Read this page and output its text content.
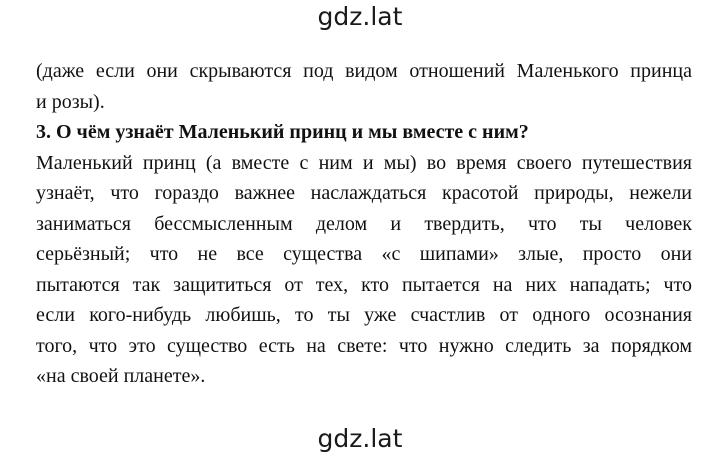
gdz.lat
(даже если они скрываются под видом отношений Маленького принца
и розы).
3. О чём узнаёт Маленький принц и мы вместе с ним?
Маленький принц (а вместе с ним и мы) во время своего путешествия
узнаёт, что гораздо важнее наслаждаться красотой природы, нежели
заниматься бессмысленным делом и твердить, что ты человек
серьёзный; что не все существа «с шипами» злые, просто они
пытаются так защититься от тех, кто пытается на них нападать; что
если кого-нибудь любишь, то ты уже счастлив от одного осознания
того, что это существо есть на свете: что нужно следить за порядком
«на своей планете».
gdz.lat
